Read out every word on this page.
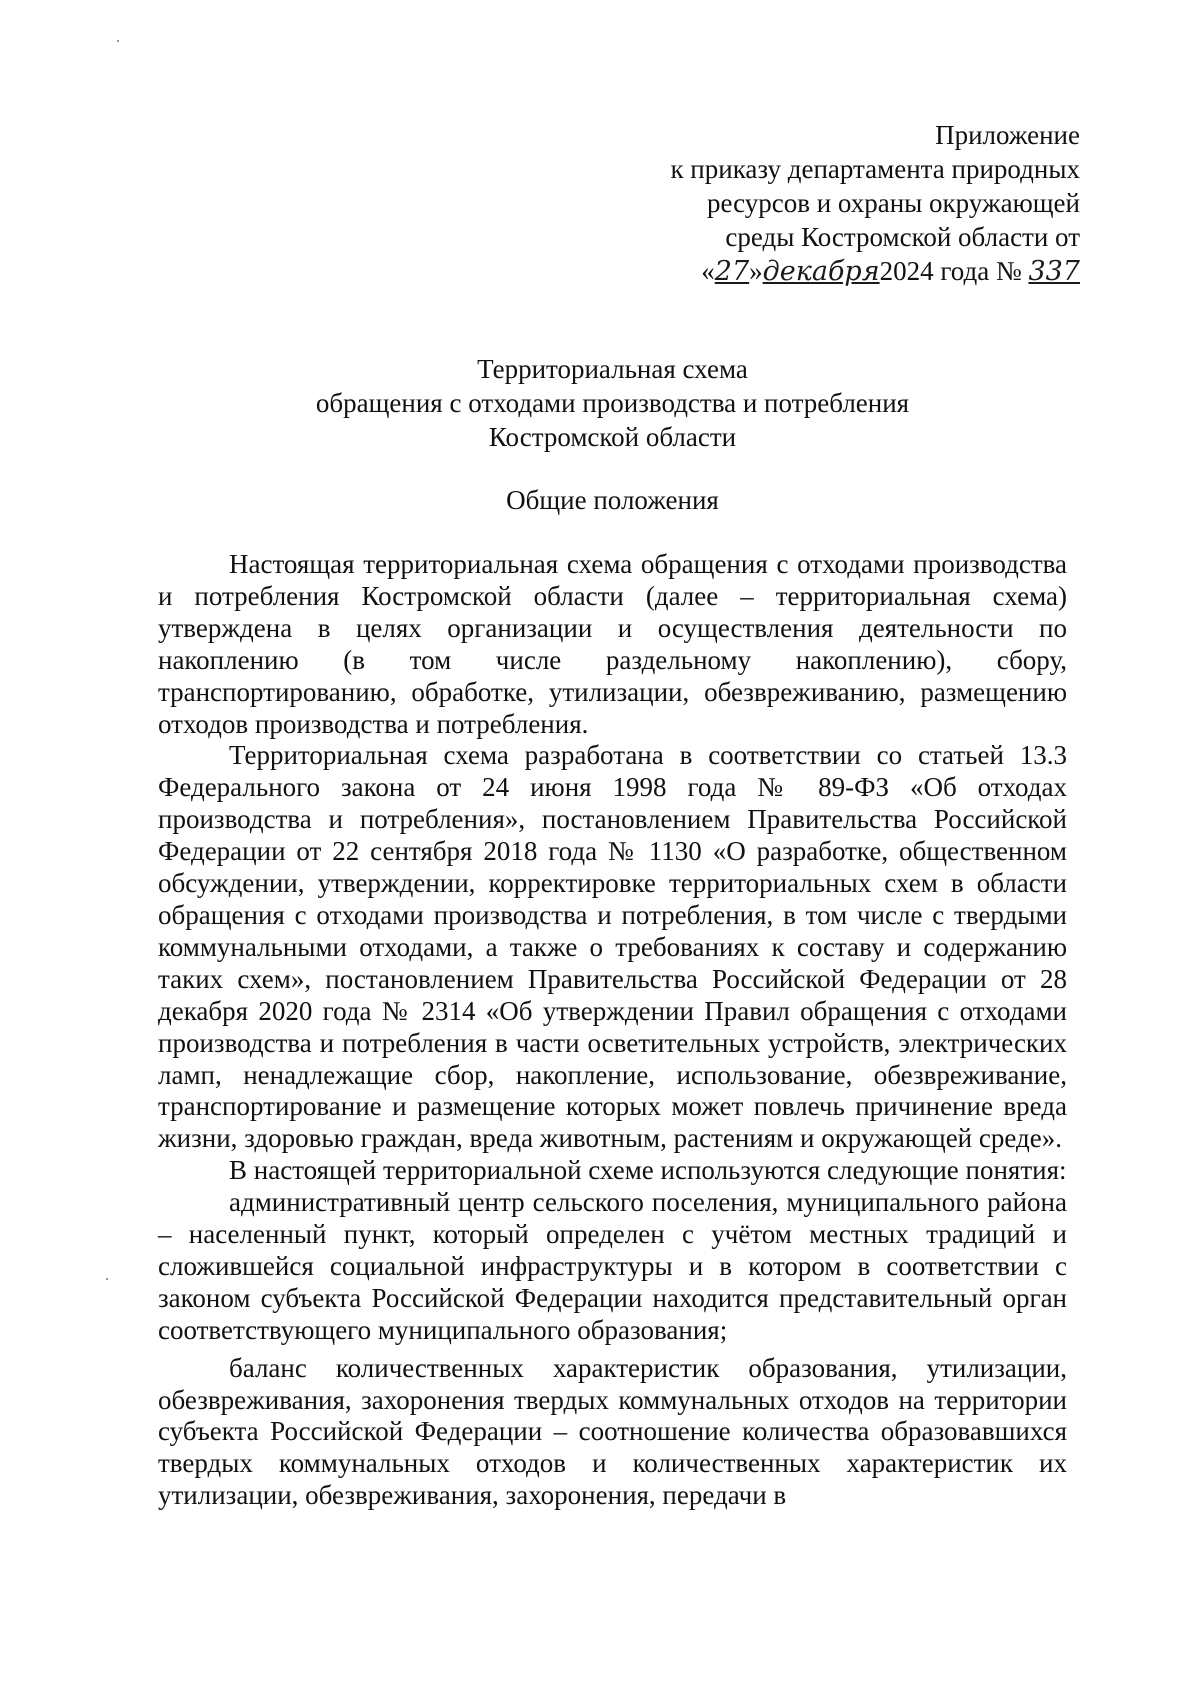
Приложение
к приказу департамента природных
ресурсов и охраны окружающей
среды Костромской области от
«27»декабря2024 года № 337
Территориальная схема
обращения с отходами производства и потребления
Костромской области
Общие положения

Настоящая территориальная схема обращения с отходами производства и потребления Костромской области (далее – территориальная схема) утверждена в целях организации и осуществления деятельности по накоплению (в том числе раздельному накоплению), сбору, транспортированию, обработке, утилизации, обезвреживанию, размещению отходов производства и потребления.

Территориальная схема разработана в соответствии со статьей 13.3 Федерального закона от 24 июня 1998 года № 89-ФЗ «Об отходах производства и потребления», постановлением Правительства Российской Федерации от 22 сентября 2018 года № 1130 «О разработке, общественном обсуждении, утверждении, корректировке территориальных схем в области обращения с отходами производства и потребления, в том числе с твердыми коммунальными отходами, а также о требованиях к составу и содержанию таких схем», постановлением Правительства Российской Федерации от 28 декабря 2020 года № 2314 «Об утверждении Правил обращения с отходами производства и потребления в части осветительных устройств, электрических ламп, ненадлежащие сбор, накопление, использование, обезвреживание, транспортирование и размещение которых может повлечь причинение вреда жизни, здоровью граждан, вреда животным, растениям и окружающей среде».

В настоящей территориальной схеме используются следующие понятия:

административный центр сельского поселения, муниципального района – населенный пункт, который определен с учётом местных традиций и сложившейся социальной инфраструктуры и в котором в соответствии с законом субъекта Российской Федерации находится представительный орган соответствующего муниципального образования;

баланс количественных характеристик образования, утилизации, обезвреживания, захоронения твердых коммунальных отходов на территории субъекта Российской Федерации – соотношение количества образовавшихся твердых коммунальных отходов и количественных характеристик их утилизации, обезвреживания, захоронения, передачи в
